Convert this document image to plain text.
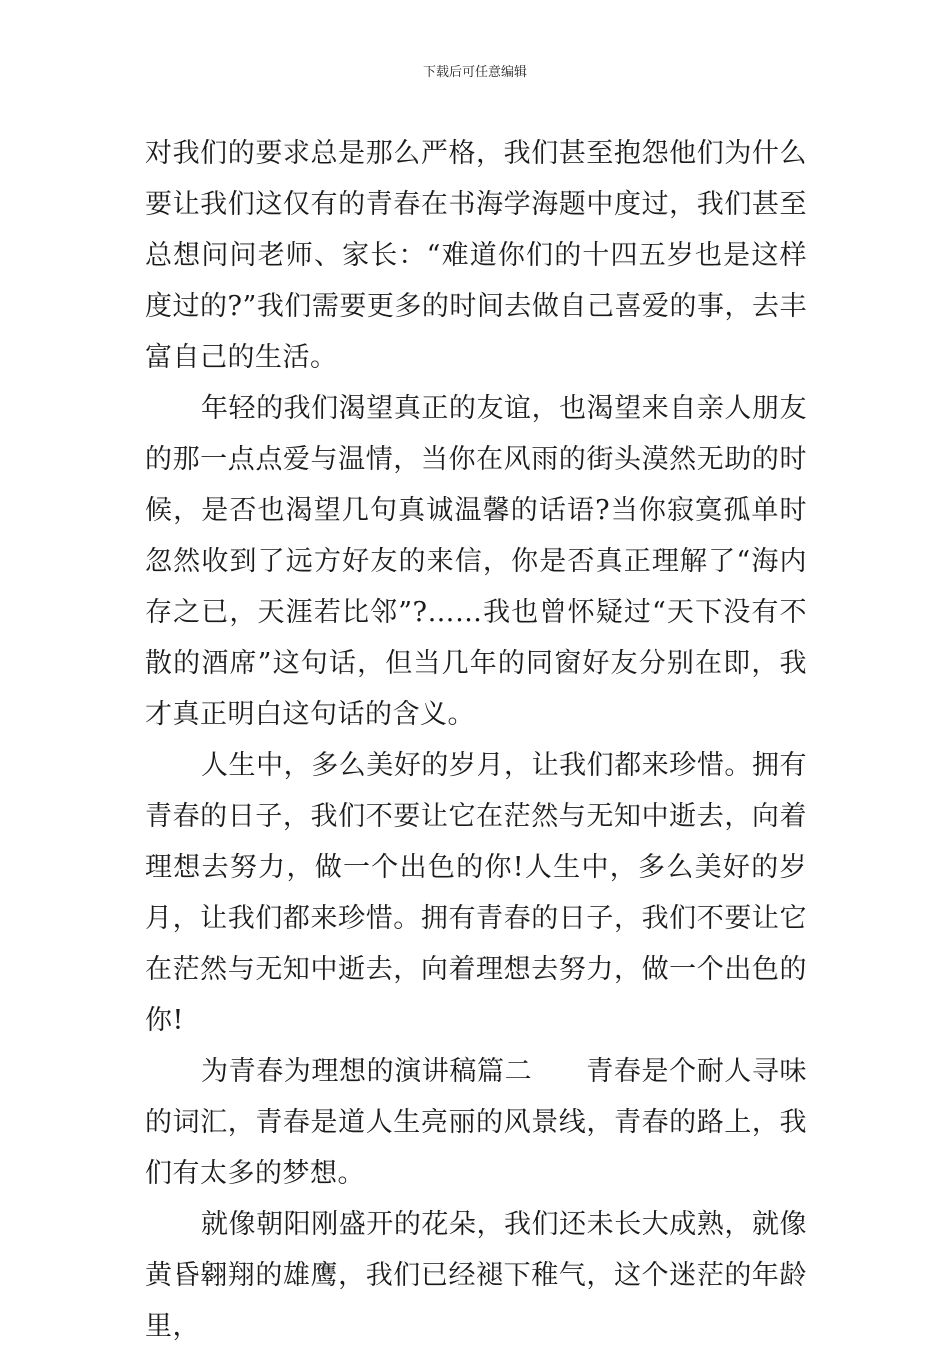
下载后可任意编辑

对我们的要求总是那么严格，我们甚至抱怨他们为什么要让我们这仅有的青春在书海学海题中度过，我们甚至总想问问老师、家长：“难道你们的十四五岁也是这样度过的?”我们需要更多的时间去做自己喜爱的事，去丰富自己的生活。

年轻的我们渴望真正的友谊，也渴望来自亲人朋友的那一点点爱与温情，当你在风雨的街头漠然无助的时候，是否也渴望几句真诚温馨的话语?当你寂寞孤单时忽然收到了远方好友的来信，你是否真正理解了“海内存之已，天涯若比邻”?……我也曾怀疑过“天下没有不散的酒席”这句话，但当几年的同窗好友分别在即，我才真正明白这句话的含义。

人生中，多么美好的岁月，让我们都来珍惜。拥有青春的日子，我们不要让它在茫然与无知中逝去，向着理想去努力，做一个出色的你!人生中，多么美好的岁月，让我们都来珍惜。拥有青春的日子，我们不要让它在茫然与无知中逝去，向着理想去努力，做一个出色的你!

为青春为理想的演讲稿篇二 青春是个耐人寻味的词汇，青春是道人生亮丽的风景线，青春的路上，我们有太多的梦想。

就像朝阳刚盛开的花朵，我们还未长大成熟，就像黄昏翱翔的雄鹰，我们已经褪下稚气，这个迷茫的年龄里，
